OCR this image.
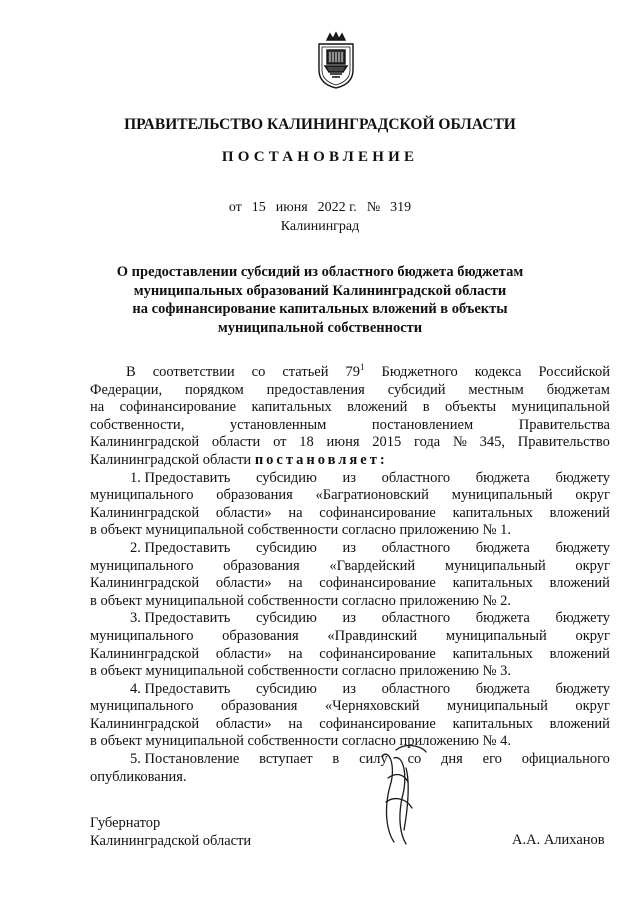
ПРАВИТЕЛЬСТВО КАЛИНИНГРАДСКОЙ ОБЛАСТИ
ПОСТАНОВЛЕНИЕ
от 15 июня 2022 г. № 319
Калининград
О предоставлении субсидий из областного бюджета бюджетам
муниципальных образований Калининградской области
на софинансирование капитальных вложений в объекты
муниципальной собственности
В соответствии со статьей $79^1$ Бюджетного кодекса Российской
Федерации, порядком предоставления субсидий местным бюджетам
на софинансирование капитальных вложений в объекты муниципальной
собственности,	установленным	постановлением	Правительства
Калининградской области от 18 июня 2015 года № 345, Правительство
Калининградской области постановляет:
1. Предоставить субсидию из областного бюджета бюджету
муниципального образования «Багратионовский муниципальный округ
Калининградской области» на софинансирование капитальных вложений
в объект муниципальной собственности согласно приложению № 1.
2. Предоставить субсидию из областного бюджета бюджету
муниципального образования «Гвардейский муниципальный округ
Калининградской области» на софинансирование капитальных вложений
в объект муниципальной собственности согласно приложению № 2.
3. Предоставить субсидию из областного бюджета бюджету
муниципального образования «Правдинский муниципальный округ
Калининградской области» на софинансирование капитальных вложений
в объект муниципальной собственности согласно приложению № 3.
4. Предоставить субсидию из областного бюджета бюджету
муниципального образования «Черняховский муниципальный округ
Калининградской области» на софинансирование капитальных вложений
в объект муниципальной собственности согласно приложению № 4.
5. Постановление вступает в силу со дня его официального
опубликования.
Губернатор
Калининградской области	А.А. Алиханов
